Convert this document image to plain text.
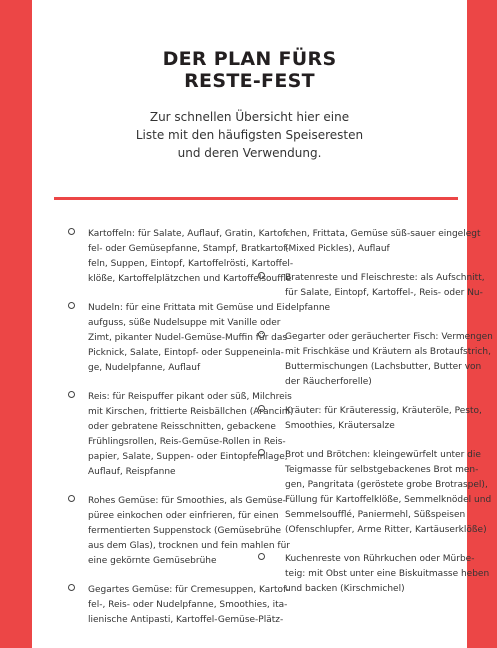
DER PLAN FÜRS
RESTE-FEST
Zur schnellen Übersicht hier eine
Liste mit den häufigsten Speiseresten
und deren Verwendung.
Kartoffeln: für Salate, Auflauf, Gratin, Kartof-
fel- oder Gemüsepfanne, Stampf, Bratkartof-
feln, Suppen, Eintopf, Kartoffelrösti, Kartoffel-
klöße, Kartoffelplätzchen und Kartoffelsoufflé
Nudeln: für eine Frittata mit Gemüse und Ei-
aufguss, süße Nudelsuppe mit Vanille oder
Zimt, pikanter Nudel-Gemüse-Muffin für das
Picknick, Salate, Eintopf- oder Suppeneinla-
ge, Nudelpfanne, Auflauf
Reis: für Reispuffer pikant oder süß, Milchreis
mit Kirschen, frittierte Reisbällchen (Arancini)
oder gebratene Reisschnitten, gebackene
Frühlingsrollen, Reis-Gemüse-Rollen in Reis-
papier, Salate, Suppen- oder Eintopfeinlage,
Auflauf, Reispfanne
Rohes Gemüse: für Smoothies, als Gemüse-
püree einkochen oder einfrieren, für einen
fermentierten Suppenstock (Gemüsebrühe
aus dem Glas), trocknen und fein mahlen für
eine gekörnte Gemüsebrühe
Gegartes Gemüse: für Cremesuppen, Kartof-
fel-, Reis- oder Nudelpfanne, Smoothies, ita-
lienische Antipasti, Kartoffel-Gemüse-Plätz-
chen, Frittata, Gemüse süß-sauer eingelegt
(Mixed Pickles), Auflauf
Bratenreste und Fleischreste: als Aufschnitt,
für Salate, Eintopf, Kartoffel-, Reis- oder Nu-
delpfanne
Gegarter oder geräucherter Fisch: Vermengen
mit Frischkäse und Kräutern als Brotaufstrich,
Buttermischungen (Lachsbutter, Butter von
der Räucherforelle)
Kräuter: für Kräuteressig, Kräuteröle, Pesto,
Smoothies, Kräutersalze
Brot und Brötchen: kleingewürfelt unter die
Teigmasse für selbstgebackenes Brot men-
gen, Pangritata (geröstete grobe Brotraspel),
Füllung für Kartoffelklöße, Semmelknödel und
Semmelsoufflé, Paniermehl, Süßspeisen
(Ofenschlupfer, Arme Ritter, Kartäuserklöße)
Kuchenreste von Rührkuchen oder Mürbe-
teig: mit Obst unter eine Biskuitmasse heben
und backen (Kirschmichel)
